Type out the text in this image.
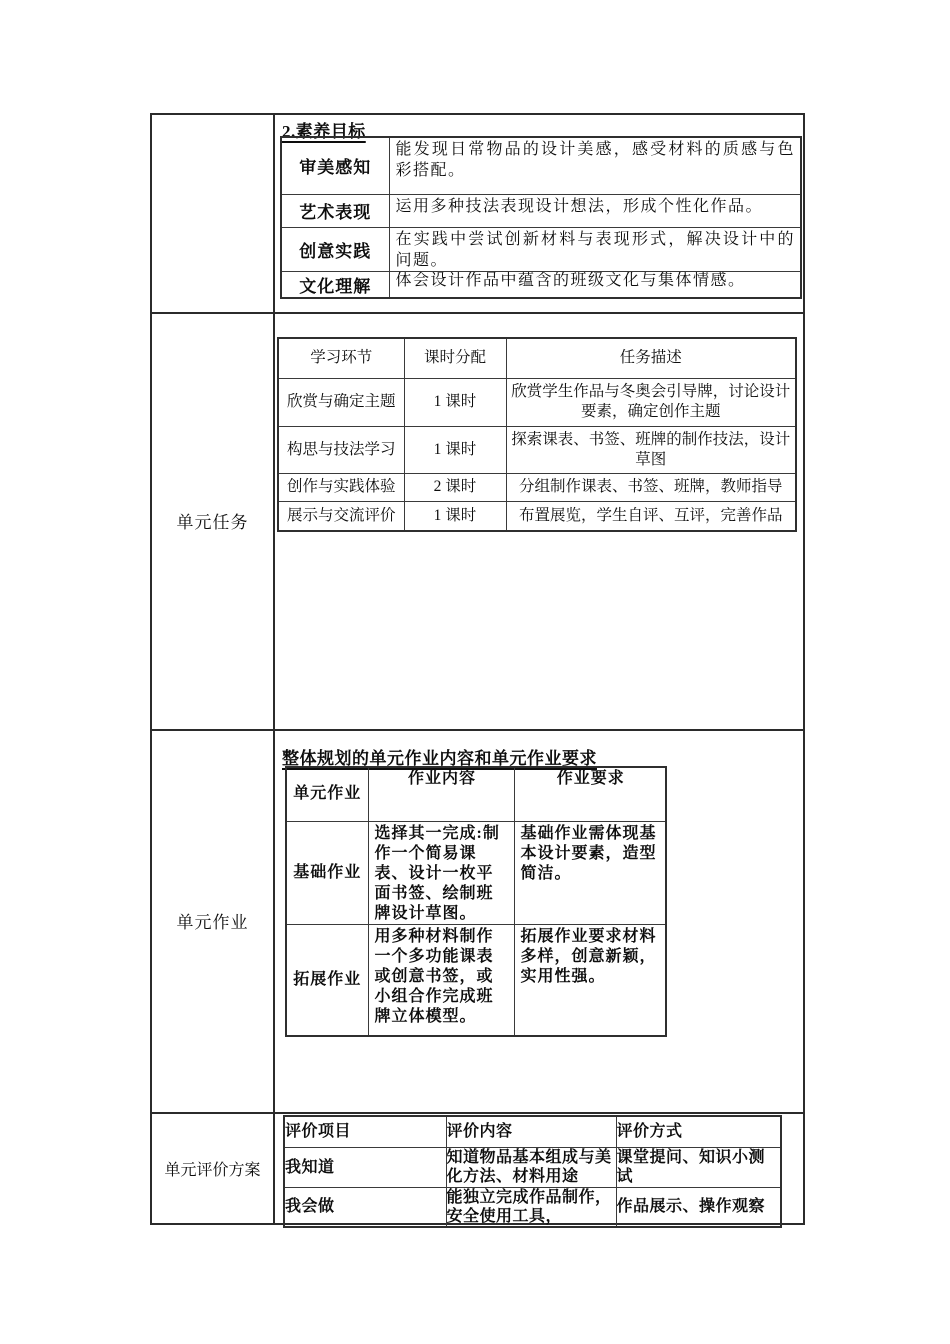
单元任务
单元作业
单元评价方案
2.素养目标
审美感知	能发现日常物品的设计美感，感受材料的质感与色彩搭配。
艺术表现	运用多种技法表现设计想法，形成个性化作品。
创意实践	在实践中尝试创新材料与表现形式，解决设计中的问题。
文化理解	体会设计作品中蕴含的班级文化与集体情感。
学习环节	课时分配	任务描述
欣赏与确定主题	1 课时	欣赏学生作品与冬奥会引导牌，讨论设计要素，确定创作主题
构思与技法学习	1 课时	探索课表、书签、班牌的制作技法，设计草图
创作与实践体验	2 课时	分组制作课表、书签、班牌，教师指导
展示与交流评价	1 课时	布置展览，学生自评、互评，完善作品
整体规划的单元作业内容和单元作业要求
单元作业	作业内容	作业要求
基础作业	选择其一完成:制作一个简易课表、设计一枚平面书签、绘制班牌设计草图。	基础作业需体现基本设计要素，造型简洁。
拓展作业	用多种材料制作一个多功能课表或创意书签，或小组合作完成班牌立体模型。	拓展作业要求材料多样，创意新颖，实用性强。
评价项目	评价内容	评价方式
我知道	知道物品基本组成与美化方法、材料用途	课堂提问、知识小测试
我会做	能独立完成作品制作，安全使用工具，	作品展示、操作观察
